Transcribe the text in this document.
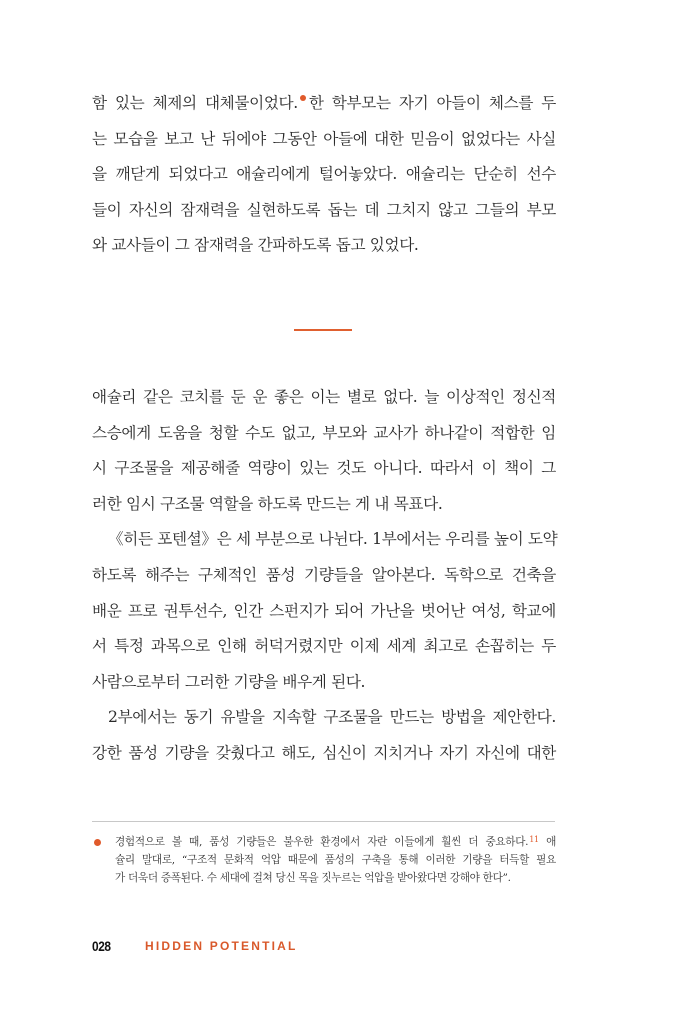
함 있는 체제의 대체물이었다. 한 학부모는 자기 아들이 체스를 두
는 모습을 보고 난 뒤에야 그동안 아들에 대한 믿음이 없었다는 사실
을 깨닫게 되었다고 애슐리에게 털어놓았다. 애슐리는 단순히 선수
들이 자신의 잠재력을 실현하도록 돕는 데 그치지 않고 그들의 부모
와 교사들이 그 잠재력을 간파하도록 돕고 있었다.
애슐리 같은 코치를 둔 운 좋은 이는 별로 없다. 늘 이상적인 정신적
스승에게 도움을 청할 수도 없고, 부모와 교사가 하나같이 적합한 임
시 구조물을 제공해줄 역량이 있는 것도 아니다. 따라서 이 책이 그
러한 임시 구조물 역할을 하도록 만드는 게 내 목표다.
《히든 포텐셜》은 세 부분으로 나뉜다. 1부에서는 우리를 높이 도약
하도록 해주는 구체적인 품성 기량들을 알아본다. 독학으로 건축을
배운 프로 권투선수, 인간 스펀지가 되어 가난을 벗어난 여성, 학교에
서 특정 과목으로 인해 허덕거렸지만 이제 세계 최고로 손꼽히는 두
사람으로부터 그러한 기량을 배우게 된다.
2부에서는 동기 유발을 지속할 구조물을 만드는 방법을 제안한다.
강한 품성 기량을 갖췄다고 해도, 심신이 지치거나 자기 자신에 대한
경험적으로 볼 때, 품성 기량들은 불우한 환경에서 자란 이들에게 훨씬 더 중요하다.$^{11}$ 애
슐리 말대로, “구조적 문화적 억압 때문에 품성의 구축을 통해 이러한 기량을 터득할 필요
가 더욱더 증폭된다. 수 세대에 걸쳐 당신 목을 짓누르는 억압을 받아왔다면 강해야 한다”.
028	HIDDEN POTENTIAL
